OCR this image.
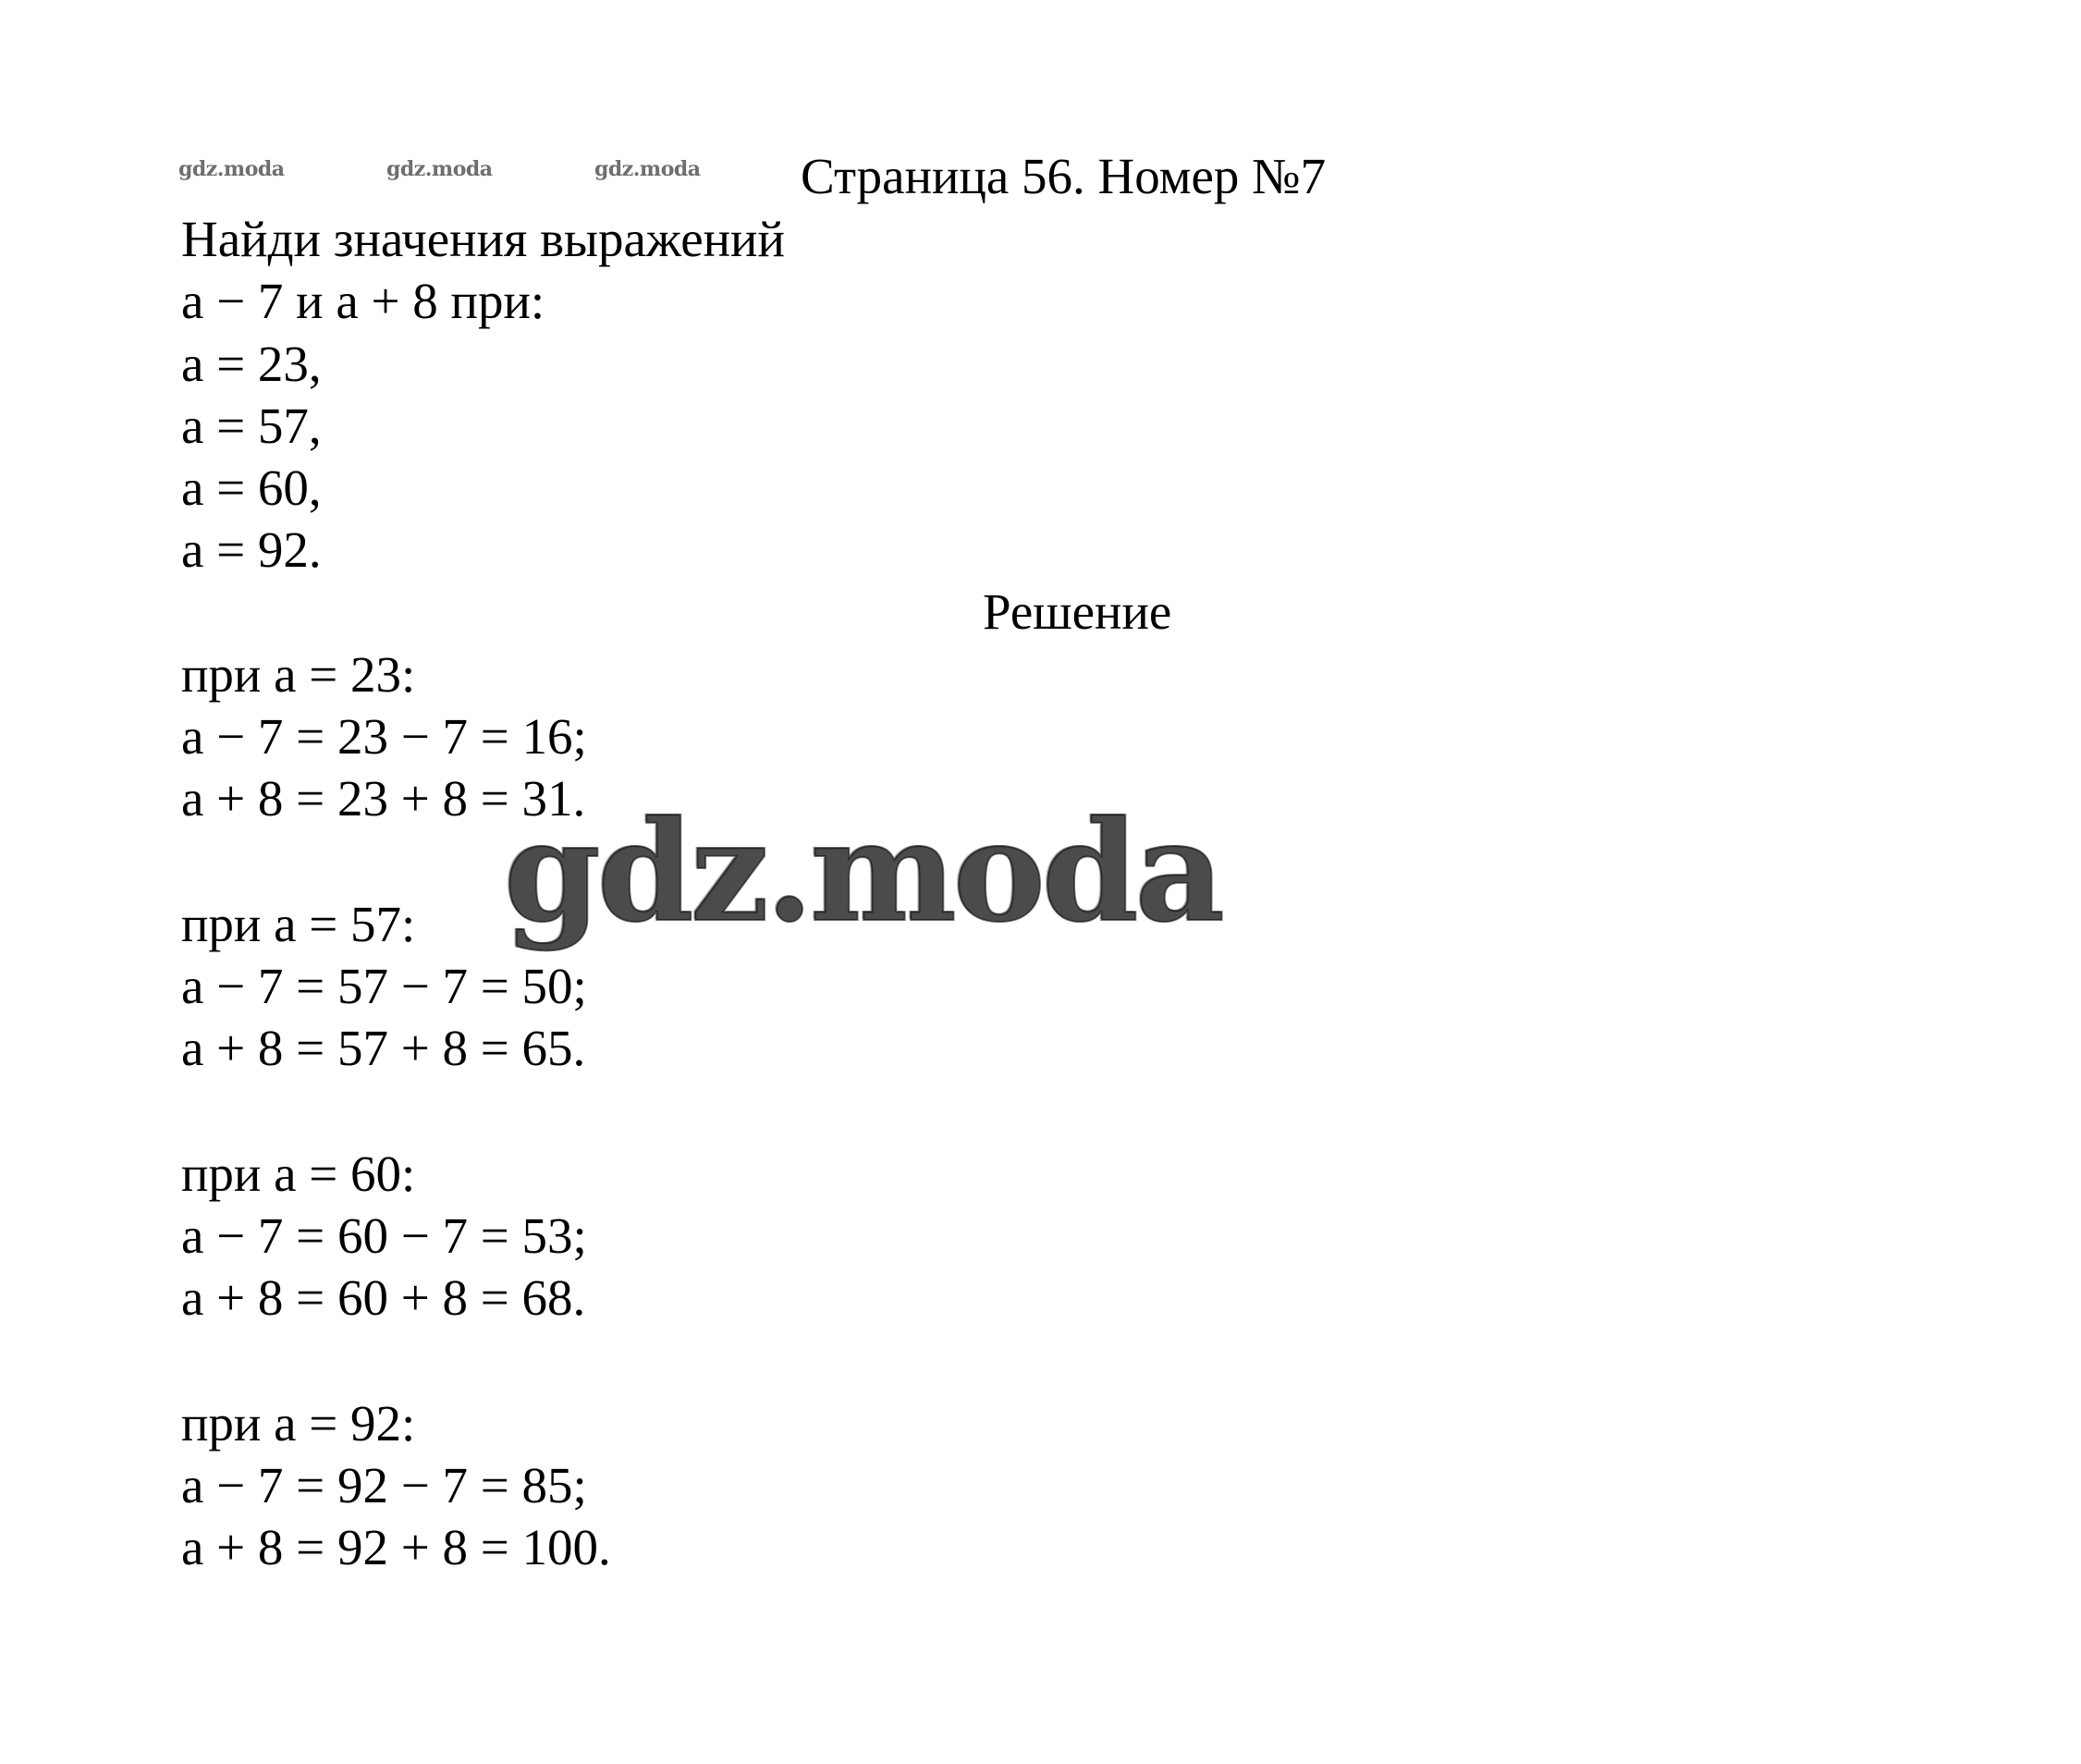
gdz.moda	gdz.moda	gdz.moda Страница 56. Номер №7
Найди значения выражений
a − 7 и a + 8 при:
a = 23,
a = 57,
a = 60,
a = 92.
Решение
при a = 23:
a − 7 = 23 − 7 = 16;
a + 8 = 23 + 8 = 31.
при a = 57:
a − 7 = 57 − 7 = 50;
a + 8 = 57 + 8 = 65.
при a = 60:
a − 7 = 60 − 7 = 53;
a + 8 = 60 + 8 = 68.
при a = 92:
a − 7 = 92 − 7 = 85;
a + 8 = 92 + 8 = 100.
gdz.moda
